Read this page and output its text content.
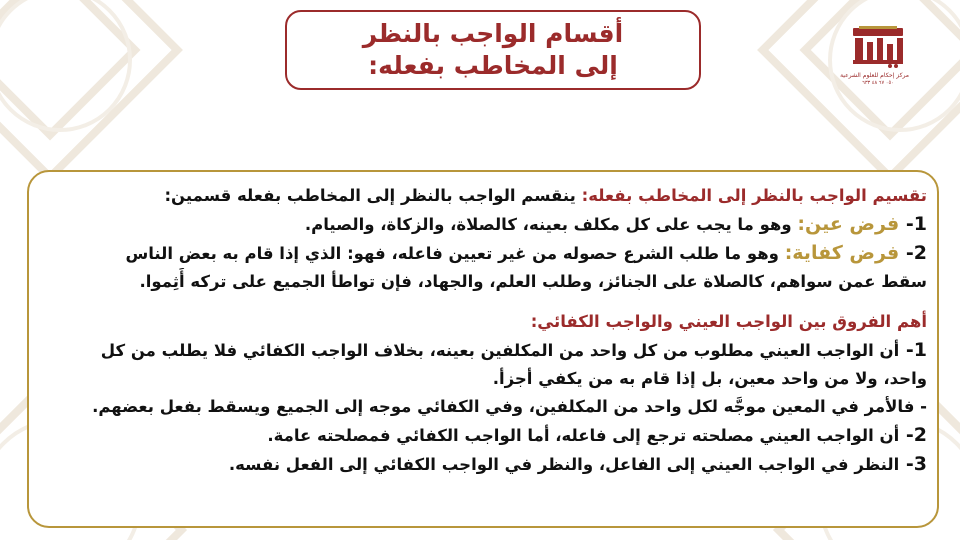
أقسام الواجب بالنظر
إلى المخاطب بفعله:	مركز إحكام للعلوم الشرعية
٠٥٠ ٦٧ ٤٨ ٦٣٣
تقسيم الواجب بالنظر إلى المخاطب بفعله: ينقسم الواجب بالنظر إلى المخاطب بفعله قسمين:
1- فرض عين: وهو ما يجب على كل مكلف بعينه، كالصلاة، والزكاة، والصيام.
2- فرض كفاية: وهو ما طلب الشرع حصوله من غير تعيين فاعله، فهو: الذي إذا قام به بعض الناس
سقط عمن سواهم، كالصلاة على الجنائز، وطلب العلم، والجهاد، فإن تواطأ الجميع على تركه أَثِموا.
أهم الفروق بين الواجب العيني والواجب الكفائي:
1- أن الواجب العيني مطلوب من كل واحد من المكلفين بعينه، بخلاف الواجب الكفائي فلا يطلب من كل
واحد، ولا من واحد معين، بل إذا قام به من يكفي أجزأ.
- فالأمر في المعين موجَّه لكل واحد من المكلفين، وفي الكفائي موجه إلى الجميع ويسقط بفعل بعضهم.
2- أن الواجب العيني مصلحته ترجع إلى فاعله، أما الواجب الكفائي فمصلحته عامة.
3- النظر في الواجب العيني إلى الفاعل، والنظر في الواجب الكفائي إلى الفعل نفسه.
